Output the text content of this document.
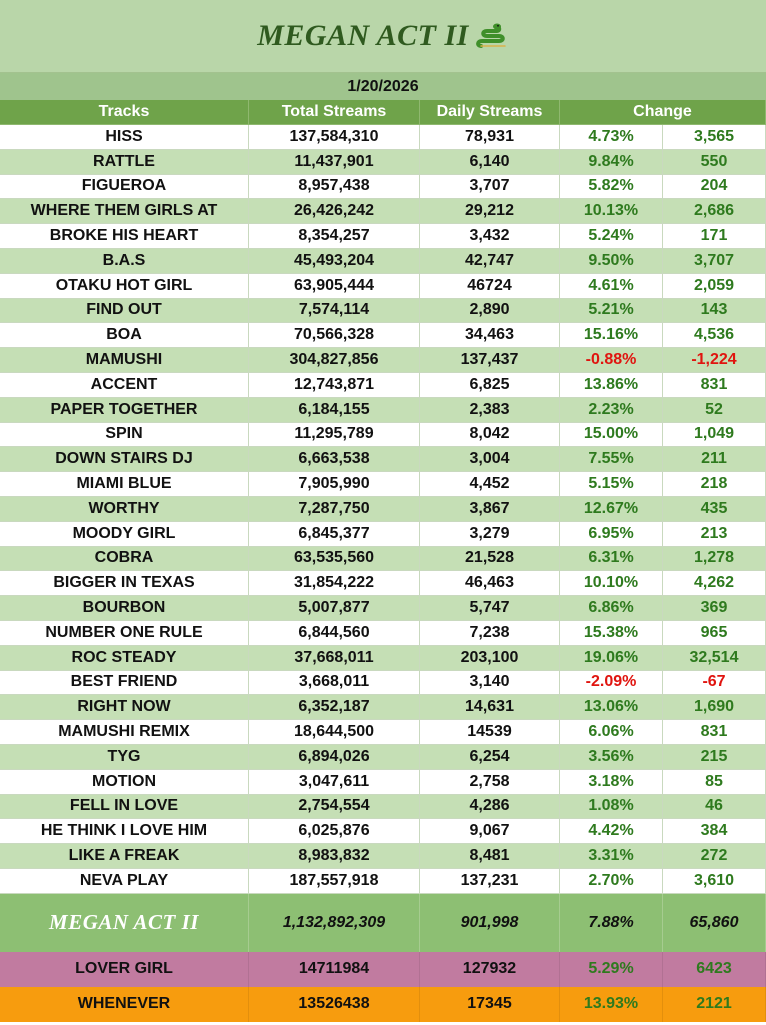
MEGAN ACT II
1/20/2026
Tracks	Total Streams	Daily Streams	Change
HISS	137,584,310	78,931	4.73%	3,565
RATTLE	11,437,901	6,140	9.84%	550
FIGUEROA	8,957,438	3,707	5.82%	204
WHERE THEM GIRLS AT	26,426,242	29,212	10.13%	2,686
BROKE HIS HEART	8,354,257	3,432	5.24%	171
B.A.S	45,493,204	42,747	9.50%	3,707
OTAKU HOT GIRL	63,905,444	46724	4.61%	2,059
FIND OUT	7,574,114	2,890	5.21%	143
BOA	70,566,328	34,463	15.16%	4,536
MAMUSHI	304,827,856	137,437	-0.88%	-1,224
ACCENT	12,743,871	6,825	13.86%	831
PAPER TOGETHER	6,184,155	2,383	2.23%	52
SPIN	11,295,789	8,042	15.00%	1,049
DOWN STAIRS DJ	6,663,538	3,004	7.55%	211
MIAMI BLUE	7,905,990	4,452	5.15%	218
WORTHY	7,287,750	3,867	12.67%	435
MOODY GIRL	6,845,377	3,279	6.95%	213
COBRA	63,535,560	21,528	6.31%	1,278
BIGGER IN TEXAS	31,854,222	46,463	10.10%	4,262
BOURBON	5,007,877	5,747	6.86%	369
NUMBER ONE RULE	6,844,560	7,238	15.38%	965
ROC STEADY	37,668,011	203,100	19.06%	32,514
BEST FRIEND	3,668,011	3,140	-2.09%	-67
RIGHT NOW	6,352,187	14,631	13.06%	1,690
MAMUSHI REMIX	18,644,500	14539	6.06%	831
TYG	6,894,026	6,254	3.56%	215
MOTION	3,047,611	2,758	3.18%	85
FELL IN LOVE	2,754,554	4,286	1.08%	46
HE THINK I LOVE HIM	6,025,876	9,067	4.42%	384
LIKE A FREAK	8,983,832	8,481	3.31%	272
NEVA PLAY	187,557,918	137,231	2.70%	3,610
MEGAN ACT II	1,132,892,309	901,998	7.88%	65,860
LOVER GIRL	14711984	127932	5.29%	6423
WHENEVER	13526438	17345	13.93%	2121
